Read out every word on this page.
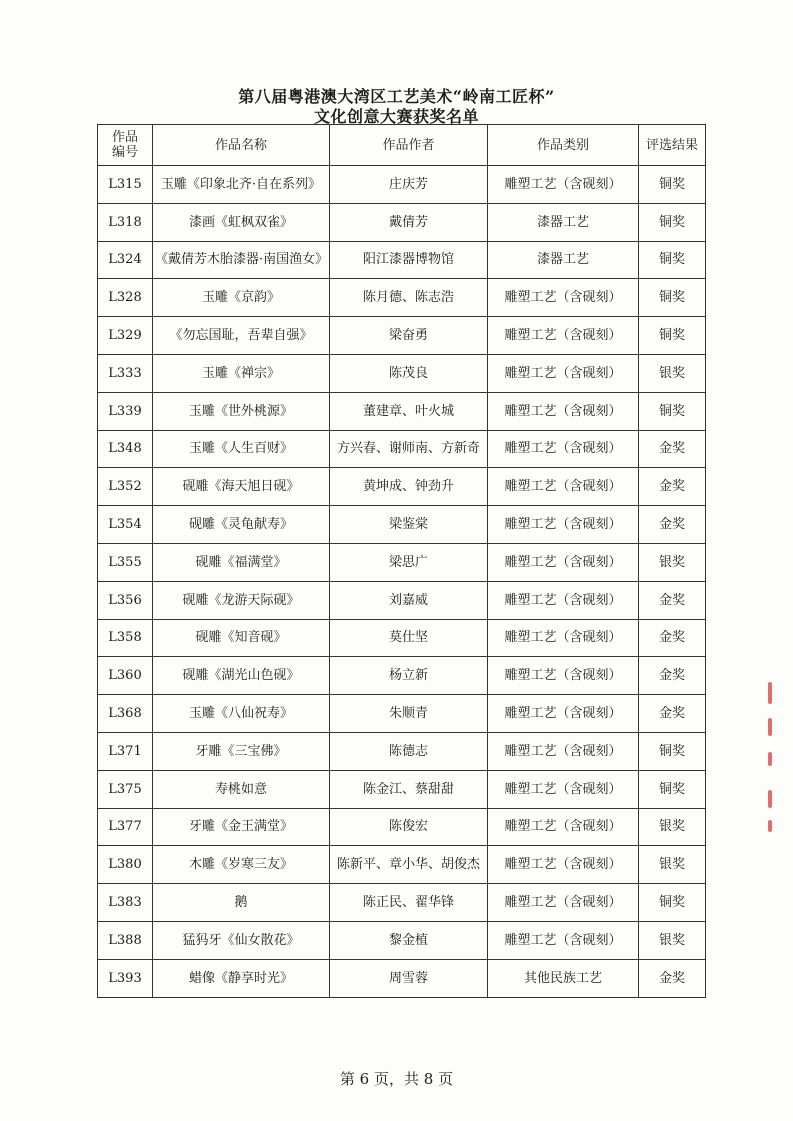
第八届粤港澳大湾区工艺美术“岭南工匠杯”
文化创意大赛获奖名单
作品编号	作品名称	作品作者	作品类别	评选结果
L315	玉雕《印象北齐·自在系列》	庄庆芳	雕塑工艺（含砚刻）	铜奖
L318	漆画《虹枫双雀》	戴倩芳	漆器工艺	铜奖
L324	《戴倩芳木胎漆器·南国渔女》	阳江漆器博物馆	漆器工艺	铜奖
L328	玉雕《京韵》	陈月德、陈志浩	雕塑工艺（含砚刻）	铜奖
L329	《勿忘国耻，吾辈自强》	梁奋勇	雕塑工艺（含砚刻）	铜奖
L333	玉雕《禅宗》	陈茂良	雕塑工艺（含砚刻）	银奖
L339	玉雕《世外桃源》	董建章、叶火城	雕塑工艺（含砚刻）	铜奖
L348	玉雕《人生百财》	方兴春、谢师南、方新奇	雕塑工艺（含砚刻）	金奖
L352	砚雕《海天旭日砚》	黄坤成、钟劲升	雕塑工艺（含砚刻）	金奖
L354	砚雕《灵龟献寿》	梁鉴棠	雕塑工艺（含砚刻）	金奖
L355	砚雕《福满堂》	梁思广	雕塑工艺（含砚刻）	银奖
L356	砚雕《龙游天际砚》	刘嘉威	雕塑工艺（含砚刻）	金奖
L358	砚雕《知音砚》	莫仕坚	雕塑工艺（含砚刻）	金奖
L360	砚雕《湖光山色砚》	杨立新	雕塑工艺（含砚刻）	金奖
L368	玉雕《八仙祝寿》	朱顺青	雕塑工艺（含砚刻）	金奖
L371	牙雕《三宝佛》	陈德志	雕塑工艺（含砚刻）	铜奖
L375	寿桃如意	陈金江、蔡甜甜	雕塑工艺（含砚刻）	铜奖
L377	牙雕《金王满堂》	陈俊宏	雕塑工艺（含砚刻）	银奖
L380	木雕《岁寒三友》	陈新平、章小华、胡俊杰	雕塑工艺（含砚刻）	银奖
L383	鹅	陈正民、翟华锋	雕塑工艺（含砚刻）	铜奖
L388	猛犸牙《仙女散花》	黎金植	雕塑工艺（含砚刻）	银奖
L393	蜡像《静享时光》	周雪蓉	其他民族工艺	金奖
第 6 页，共 8 页
